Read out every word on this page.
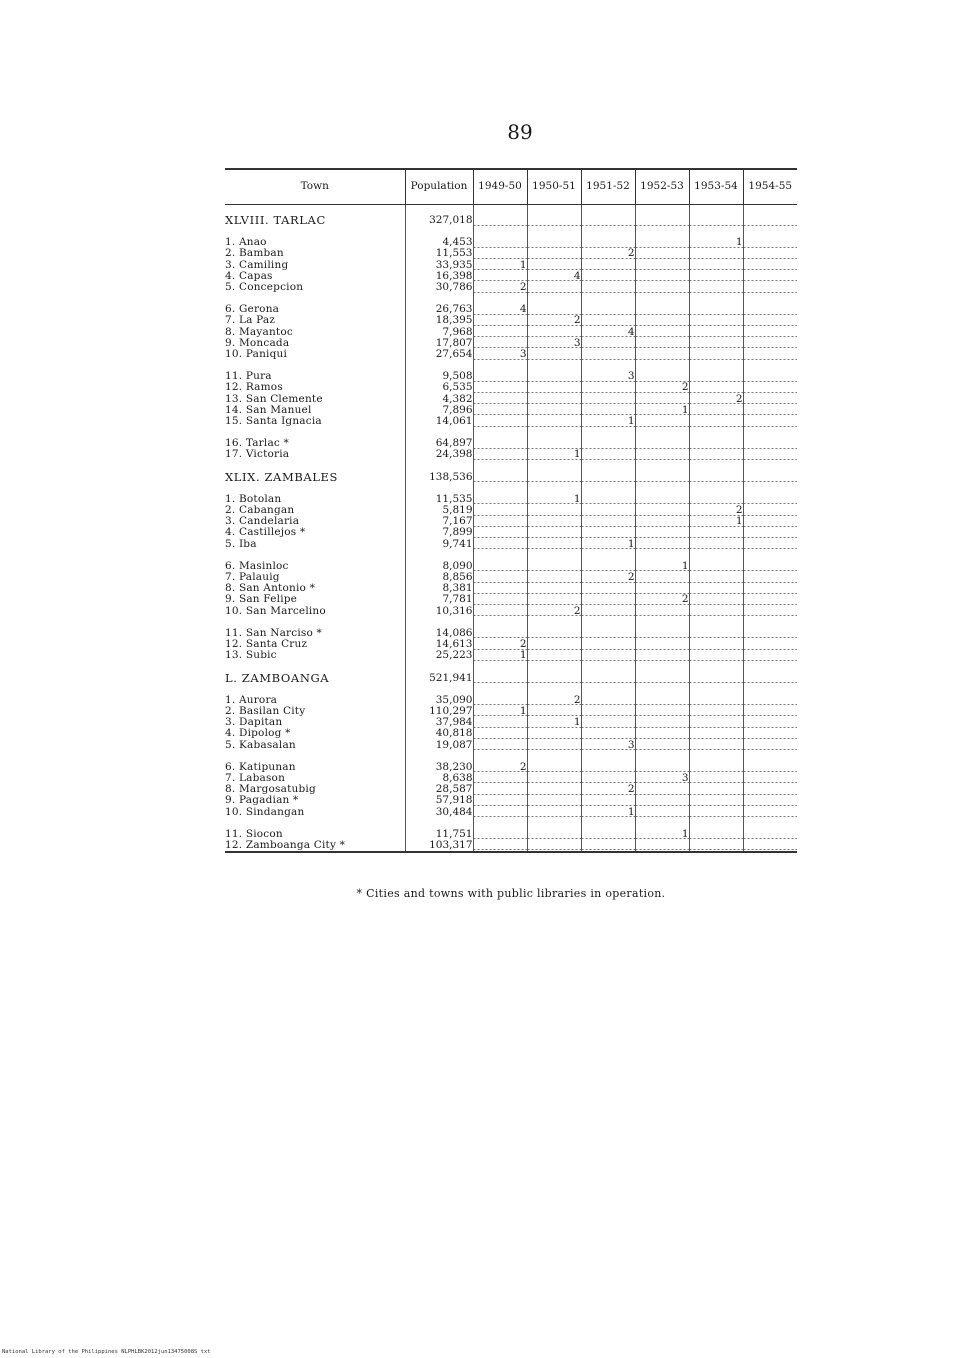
89
Town	Population	1949-50	1950-51	1951-52	1952-53	1953-54	1954-55

XLVIII. TARLAC	327,018						

1. Anao	4,453					1	
2. Bamban	11,553			2			
3. Camiling	33,935	1					
4. Capas	16,398		4				
5. Concepcion	30,786	2					

6. Gerona	26,763	4					
7. La Paz	18,395		2				
8. Mayantoc	7,968			4			
9. Moncada	17,807		3				
10. Paniqui	27,654	3					

11. Pura	9,508			3			
12. Ramos	6,535				2		
13. San Clemente	4,382					2	
14. San Manuel	7,896				1		
15. Santa Ignacia	14,061			1			

16. Tarlac *	64,897						
17. Victoria	24,398		1				

XLIX. ZAMBALES	138,536						

1. Botolan	11,535		1				
2. Cabangan	5,819					2	
3. Candelaria	7,167					1	
4. Castillejos *	7,899						
5. Iba	9,741			1			

6. Masinloc	8,090				1		
7. Palauig	8,856			2			
8. San Antonio *	8,381						
9. San Felipe	7,781				2		
10. San Marcelino	10,316		2				

11. San Narciso *	14,086						
12. Santa Cruz	14,613	2					
13. Subic	25,223	1					

L. ZAMBOANGA	521,941						

1. Aurora	35,090		2				
2. Basilan City	110,297	1					
3. Dapitan	37,984		1				
4. Dipolog *	40,818						
5. Kabasalan	19,087			3			

6. Katipunan	38,230	2					
7. Labason	8,638				3		
8. Margosatubig	28,587			2			
9. Pagadian *	57,918						
10. Sindangan	30,484			1			

11. Siocon	11,751				1		
12. Zamboanga City *	103,317						
* Cities and towns with public libraries in operation.
National Library of the Philippines NLPHLBK2012jun13475008S txt
